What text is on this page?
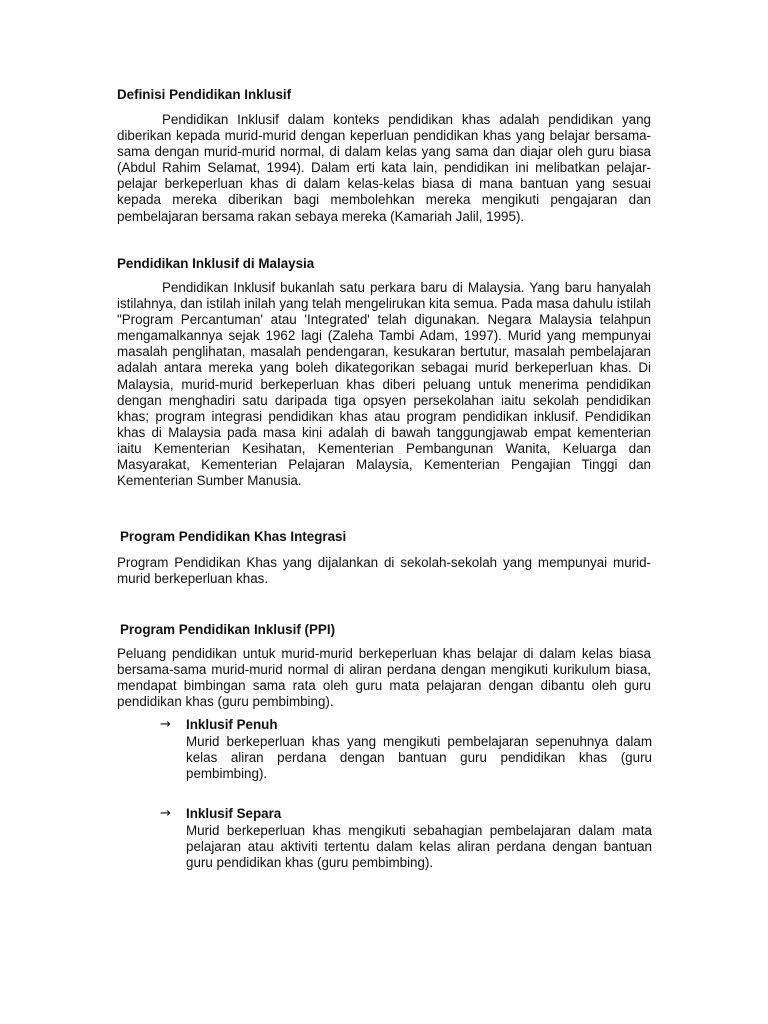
Definisi Pendidikan Inklusif

Pendidikan Inklusif dalam konteks pendidikan khas adalah pendidikan yang diberikan kepada murid-murid dengan keperluan pendidikan khas yang belajar bersama-sama dengan murid-murid normal, di dalam kelas yang sama dan diajar oleh guru biasa (Abdul Rahim Selamat, 1994). Dalam erti kata lain, pendidikan ini melibatkan pelajar-pelajar berkeperluan khas di dalam kelas-kelas biasa di mana bantuan yang sesuai kepada mereka diberikan bagi membolehkan mereka mengikuti pengajaran dan pembelajaran bersama rakan sebaya mereka (Kamariah Jalil, 1995).

Pendidikan Inklusif di Malaysia

Pendidikan Inklusif bukanlah satu perkara baru di Malaysia. Yang baru hanyalah istilahnya, dan istilah inilah yang telah mengelirukan kita semua. Pada masa dahulu istilah "Program Percantuman' atau 'Integrated' telah digunakan. Negara Malaysia telahpun mengamalkannya sejak 1962 lagi (Zaleha Tambi Adam, 1997). Murid yang mempunyai masalah penglihatan, masalah pendengaran, kesukaran bertutur, masalah pembelajaran adalah antara mereka yang boleh dikategorikan sebagai murid berkeperluan khas. Di Malaysia, murid-murid berkeperluan khas diberi peluang untuk menerima pendidikan dengan menghadiri satu daripada tiga opsyen persekolahan iaitu sekolah pendidikan khas; program integrasi pendidikan khas atau program pendidikan inklusif. Pendidikan khas di Malaysia pada masa kini adalah di bawah tanggungjawab empat kementerian iaitu Kementerian Kesihatan, Kementerian Pembangunan Wanita, Keluarga dan Masyarakat, Kementerian Pelajaran Malaysia, Kementerian Pengajian Tinggi dan Kementerian Sumber Manusia.

Program Pendidikan Khas Integrasi

Program Pendidikan Khas yang dijalankan di sekolah-sekolah yang mempunyai murid-murid berkeperluan khas.

Program Pendidikan Inklusif (PPI)

Peluang pendidikan untuk murid-murid berkeperluan khas belajar di dalam kelas biasa bersama-sama murid-murid normal di aliran perdana dengan mengikuti kurikulum biasa, mendapat bimbingan sama rata oleh guru mata pelajaran dengan dibantu oleh guru pendidikan khas (guru pembimbing).

→ Inklusif Penuh

Murid berkeperluan khas yang mengikuti pembelajaran sepenuhnya dalam kelas aliran perdana dengan bantuan guru pendidikan khas (guru pembimbing).

→ Inklusif Separa

Murid berkeperluan khas mengikuti sebahagian pembelajaran dalam mata pelajaran atau aktiviti tertentu dalam kelas aliran perdana dengan bantuan guru pendidikan khas (guru pembimbing).
